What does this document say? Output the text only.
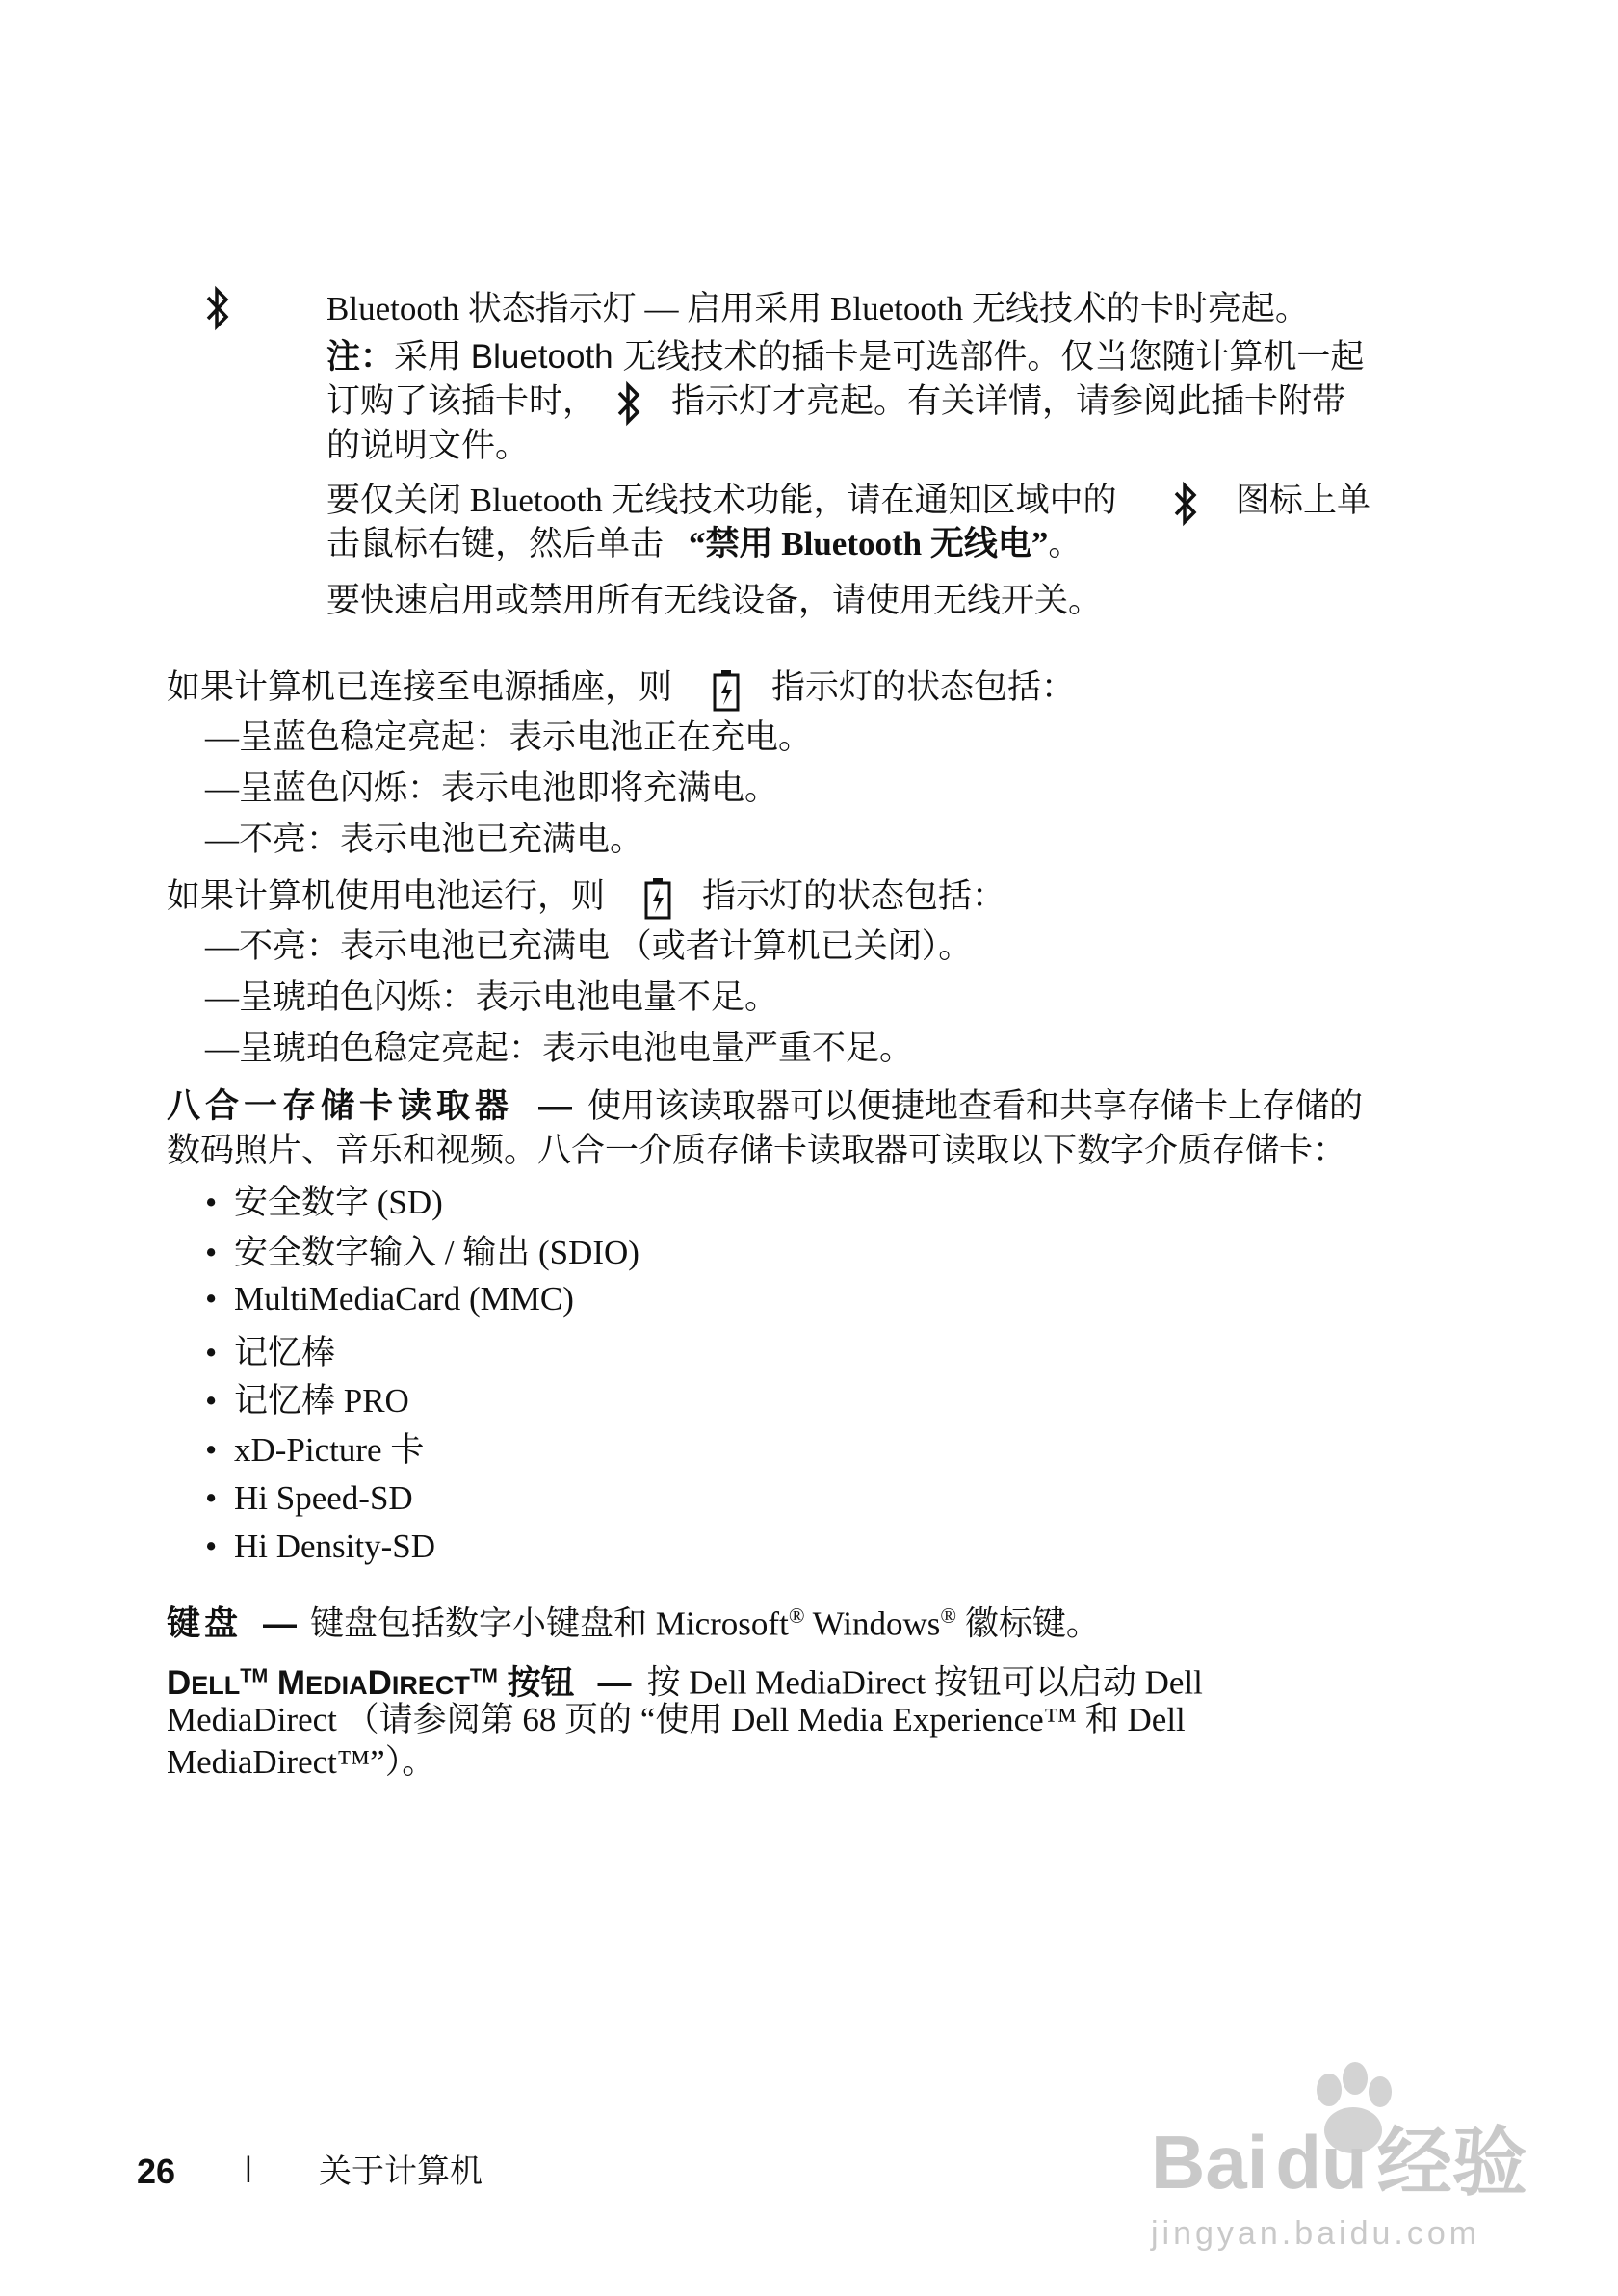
Bluetooth 状态指示灯 — 启用采用 Bluetooth 无线技术的卡时亮起。
注：采用 Bluetooth 无线技术的插卡是可选部件。仅当您随计算机一起
订购了该插卡时， 指示灯才亮起。有关详情，请参阅此插卡附带
的说明文件。
要仅关闭 Bluetooth 无线技术功能，请在通知区域中的	图标上单
击鼠标右键，然后单击 “禁用 Bluetooth 无线电”。
要快速启用或禁用所有无线设备，请使用无线开关。
如果计算机已连接至电源插座，则	指示灯的状态包括：
—呈蓝色稳定亮起：表示电池正在充电。
—呈蓝色闪烁：表示电池即将充满电。
—不亮：表示电池已充满电。
如果计算机使用电池运行，则	指示灯的状态包括：
—不亮：表示电池已充满电 （或者计算机已关闭）。
—呈琥珀色闪烁：表示电池电量不足。
—呈琥珀色稳定亮起：表示电池电量严重不足。
八合一存储卡读取器 — 使用该读取器可以便捷地查看和共享存储卡上存储的
数码照片、音乐和视频。八合一介质存储卡读取器可读取以下数字介质存储卡：
• 安全数字 (SD)
• 安全数字输入 / 输出 (SDIO)
• MultiMediaCard (MMC)
• 记忆棒
• 记忆棒 PRO
• xD-Picture 卡
• Hi Speed-SD
• Hi Density-SD
键盘 — 键盘包括数字小键盘和 Microsoft® Windows® 徽标键。
DELL™ MEDIADIRECT™ 按钮 — 按 Dell MediaDirect 按钮可以启动 Dell
MediaDirect （请参阅第 68 页的 “使用 Dell Media Experience™ 和 Dell
MediaDirect™”）。
26 | 关于计算机	Bai du 经验
jingyan.baidu.com
